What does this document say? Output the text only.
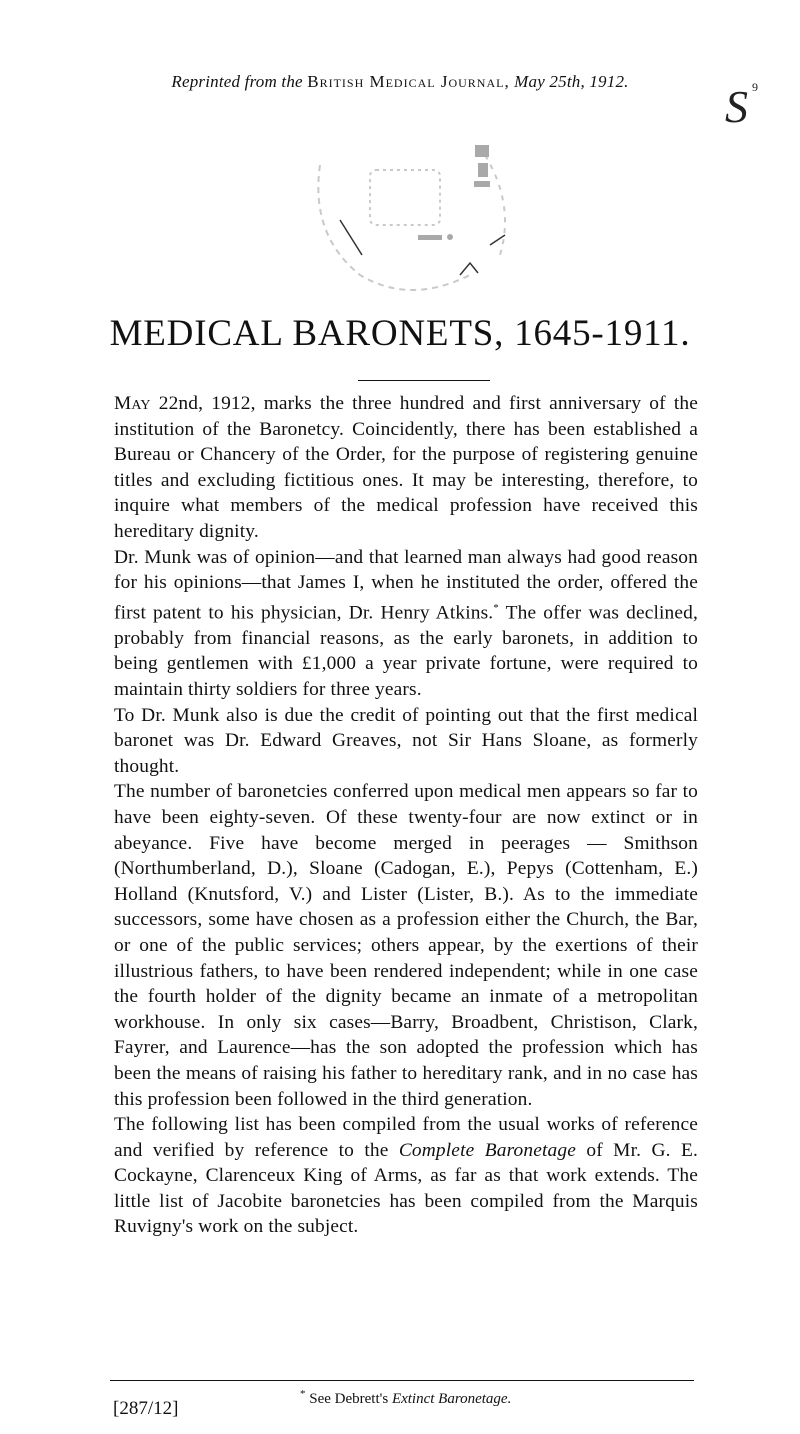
Reprinted from the British Medical Journal, May 25th, 1912.	S $^9$
MEDICAL BARONETS, 1645-1911.

May 22nd, 1912, marks the three hundred and first anniversary of the institution of the Baronetcy. Coincidently, there has been established a Bureau or Chancery of the Order, for the purpose of registering genuine titles and excluding fictitious ones. It may be interesting, therefore, to inquire what members of the medical profession have received this hereditary dignity.

Dr. Munk was of opinion—and that learned man always had good reason for his opinions—that James I, when he instituted the order, offered the first patent to his physician, Dr. Henry Atkins.* The offer was declined, probably from financial reasons, as the early baronets, in addition to being gentlemen with £1,000 a year private fortune, were required to maintain thirty soldiers for three years.

To Dr. Munk also is due the credit of pointing out that the first medical baronet was Dr. Edward Greaves, not Sir Hans Sloane, as formerly thought.

The number of baronetcies conferred upon medical men appears so far to have been eighty-seven. Of these twenty-four are now extinct or in abeyance. Five have become merged in peerages — Smithson (Northumberland, D.), Sloane (Cadogan, E.), Pepys (Cottenham, E.) Holland (Knutsford, V.) and Lister (Lister, B.). As to the immediate successors, some have chosen as a profession either the Church, the Bar, or one of the public services; others appear, by the exertions of their illustrious fathers, to have been rendered independent; while in one case the fourth holder of the dignity became an inmate of a metropolitan workhouse. In only six cases—Barry, Broadbent, Christison, Clark, Fayrer, and Laurence—has the son adopted the profession which has been the means of raising his father to hereditary rank, and in no case has this profession been followed in the third generation.

The following list has been compiled from the usual works of reference and verified by reference to the Complete Baronetage of Mr. G. E. Cockayne, Clarenceux King of Arms, as far as that work extends. The little list of Jacobite baronetcies has been compiled from the Marquis Ruvigny's work on the subject.

* See Debrett's Extinct Baronetage.
[287/12]
